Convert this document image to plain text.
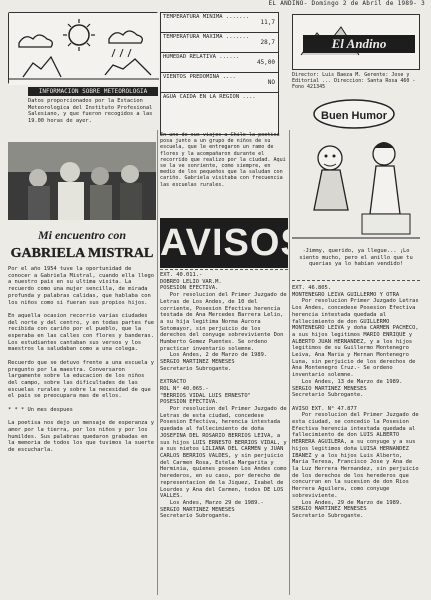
EL ANDINO- Domingo 2 de Abril de 1989- 3
INFORMACION SOBRE METEOROLOGIA
Datos proporcionados por la Estacion Meteorologica del Instituto Profesional Salesiano, y que fueron recogidos a las 19.00 horas de ayer.
TEMPERATURA MINIMA .......
11,7
TEMPERATURA MAXIMA .......
28,7
HUMEDAD RELATIVA ......
45,00
VIENTOS PREDOMINA ....
NO
AGUA CAIDA EN LA REGION ....
El Andino
Director: Luis Baeza M. Gerente: Jose y Editorial ... Direccion: Santa Rosa 460 - Fono 421345
Buen Humor
-Jimmy, querido, ya llegue... ¡Lo siento mucho, pero el anillo que tu querias ya lo habian vendido!
En uno de sus viajes a Chile la poetisa posa junto a un grupo de niños de su escuela, que le entregaron un ramo de flores y la acompañaron durante el recorrido que realizo por la ciudad. Aqui se la ve sonriente, como siempre, en medio de los pequeños que la saludan con cariño. Gabriela visitaba con frecuencia las escuelas rurales.
Mi encuentro con
GABRIELA MISTRAL AVISOS
Por el año 1954 tuve la oportunidad de conocer a Gabriela Mistral, cuando ella llego a nuestro pais en su ultima visita. La recuerdo como una mujer sencilla, de mirada profunda y palabras calidas, que hablaba con los niños como si fueran sus propios hijos.

En aquella ocasion recorrio varias ciudades del norte y del centro, y en todas partes fue recibida con cariño por el pueblo, que la esperaba en las calles con flores y banderas. Los estudiantes cantaban sus versos y los maestros la saludaban como a una colega.

Recuerdo que se detuvo frente a una escuela y pregunto por la maestra. Conversaron largamente sobre la educacion de los niños del campo, sobre las dificultades de las escuelas rurales y sobre la necesidad de que el pais se preocupara mas de ellos.

* * * Un mes despues

La poetisa nos dejo un mensaje de esperanza y amor por la tierra, por los niños y por los humildes. Sus palabras quedaron grabadas en la memoria de todos los que tuvimos la suerte de escucharla.
EXT. 40.011.-
DOBREO LELIO VAR.M.
POSESION EFECTIVA.
Por resolucion del Primer Juzgado de Letras de Los Andes, de 10 del corriente, Posesion Efectiva herencia testada de Ana Mercedes Barrera Lelio, a su hija legitima Norma Aurora Sotomayor, sin perjuicio de los derechos del conyuge sobreviviente Don Humberto Gomez Puentes. Se ordeno practicar inventario solemne.
Los Andes, 2 de Marzo de 1989.
SERGIO MARTINEZ MENESES
Secretario Subrogante.

EXTRACTO
ROL N° 40.065.-
"BERRIOS VIDAL LUIS ERNESTO"
POSESION EFECTIVA.
Por resolucion del Primer Juzgado de Letras de esta ciudad, concedese Posesion Efectiva, herencia intestada quedada al fallecimiento de doña JOSEFINA DEL ROSARIO BERRIOS LEIVA, a sus hijos LUIS ERNESTO BERRIOS VIDAL, y a sus nietos LILIANA DEL CARMEN y JUAN CARLOS BERRIOS VALDES, y sin perjuicio del Carmen Rosa, Estela Margarita y Herminia, quienes poseen Los Andes como herederos, en su caso, por derecho de representacion de la Jiquez, Isabel de Lourdes y Ana del Carmen, todos DE LOS VALLES.
Los Andes, Marzo 29 de 1989.-
SERGIO MARTINEZ MENESES
Secretario Subrogante.
EXT. 46.805.
MONTENEGRO LEIVA GUILLERMO Y OTRA
Por resolucion Primer Juzgado Letras Los Andes, concedese Posesion Efectiva herencia intestada quedada al fallecimiento de don GUILLERMO MONTENEGRO LEIVA y doña CARMEN PACHECO, a sus hijos legitimos MARIO ENRIQUE y ALBERTO JUAN HERNANDEZ, y a los hijos legitimos de su Guillermo Montenegro Leiva, Ana Maria y Hernan Montenegro Luna, sin perjuicio de los derechos de Ana Montenegro Cruz.- Se ordeno inventario solemne.
Los Andes, 13 de Marzo de 1989.
SERGIO MARTINEZ MENESES
Secretario Subrogante.

AVISO EXT. N° 47.877
Por resolucion del Primer Juzgado de esta ciudad, se concedio la Posesion Efectiva herencia intestada quedada al fallecimiento de don LUIS ALBERTO HERRERA AGUILERA, a su conyuge y a sus hijos legitimos doña LUISA HERNANDEZ IBANEZ y a los hijos Luis Alberto, Maria Teresa, Francisco Jose y Ana de la Luz Herrera Hernandez, sin perjuicio de los derechos de los herederos que concurran en la sucesion de don Rios Herrera Aguilera, como conyuge sobreviviente.
Los Andes, 29 de Marzo de 1989.
SERGIO MARTINEZ MENESES
Secretario Subrogante.
